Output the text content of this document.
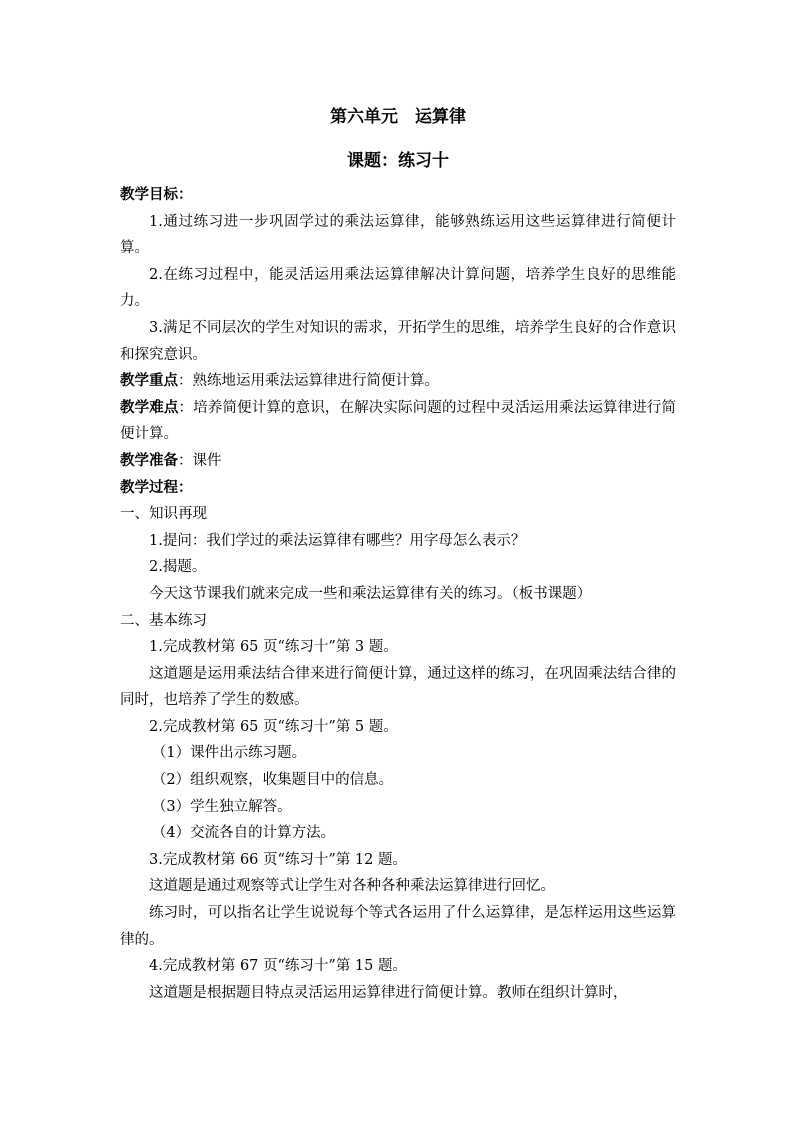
第六单元　运算律

课题：练习十

教学目标：

1.通过练习进一步巩固学过的乘法运算律，能够熟练运用这些运算律进行简便计算。

2.在练习过程中，能灵活运用乘法运算律解决计算问题，培养学生良好的思维能力。

3.满足不同层次的学生对知识的需求，开拓学生的思维，培养学生良好的合作意识和探究意识。

教学重点：熟练地运用乘法运算律进行简便计算。

教学难点：培养简便计算的意识，在解决实际问题的过程中灵活运用乘法运算律进行简便计算。

教学准备：课件

教学过程：

一、知识再现

1.提问：我们学过的乘法运算律有哪些？用字母怎么表示？

2.揭题。

今天这节课我们就来完成一些和乘法运算律有关的练习。（板书课题）

二、基本练习

1.完成教材第 65 页“练习十”第 3 题。

这道题是运用乘法结合律来进行简便计算，通过这样的练习，在巩固乘法结合律的同时，也培养了学生的数感。

2.完成教材第 65 页“练习十”第 5 题。

（1）课件出示练习题。

（2）组织观察，收集题目中的信息。

（3）学生独立解答。

（4）交流各自的计算方法。

3.完成教材第 66 页“练习十”第 12 题。

这道题是通过观察等式让学生对各种各种乘法运算律进行回忆。

练习时，可以指名让学生说说每个等式各运用了什么运算律，是怎样运用这些运算律的。

4.完成教材第 67 页“练习十”第 15 题。

这道题是根据题目特点灵活运用运算律进行简便计算。教师在组织计算时，
